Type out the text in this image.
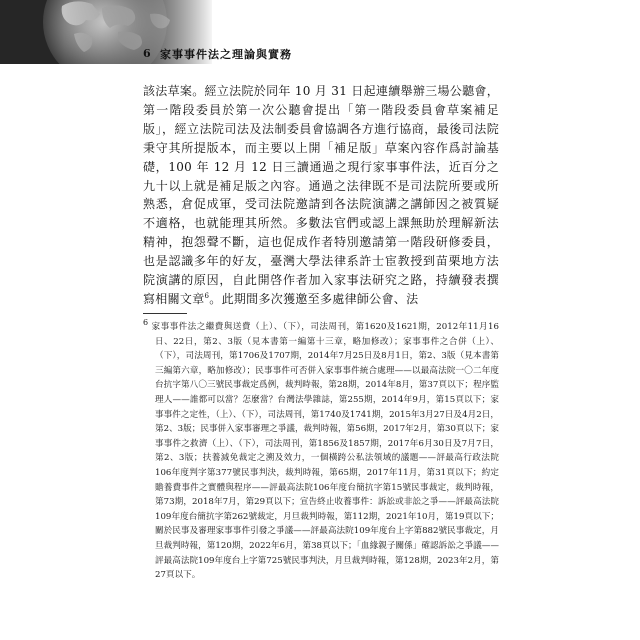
6 家事事件法之理論與實務

該法草案。經立法院於同年 10 月 31 日起連續舉辦三場公聽會，第一階段委員於第一次公聽會提出「第一階段委員會草案補足版」，經立法院司法及法制委員會協調各方進行協商，最後司法院秉守其所提版本，而主要以上開「補足版」草案內容作爲討論基礎，100 年 12 月 12 日三讀通過之現行家事事件法，近百分之九十以上就是補足版之內容。通過之法律既不是司法院所要或所熟悉，倉促成軍，受司法院邀請到各法院演講之講師因之被質疑不適格，也就能理其所然。多數法官們或認上課無助於理解新法精神，抱怨聲不斷，這也促成作者特別邀請第一階段研修委員，也是認識多年的好友，臺灣大學法律系許士宦教授到苗栗地方法院演講的原因，自此開啓作者加入家事法研究之路，持續發表撰寫相關文章$^6$。此期間多次獲邀至多處律師公會、法

6 家事事件法之繼費與送費（上）、（下），司法周刊，第1620及1621期，2012年11月16日、22日，第2、3版（見本書第一編第十三章，略加修改）；家事事件之合併（上）、（下），司法周刊，第1706及1707期，2014年7月25日及8月1日，第2、3版（見本書第三編第六章，略加修改）；民事事件可否併入家事事件統合處理——以最高法院一〇二年度台抗字第八〇三號民事裁定爲例，裁判時報，第28期，2014年8月，第37頁以下；程序監理人——誰都可以當？怎麼當？台灣法學雜誌，第255期，2014年9月，第15頁以下；家事事件之定性，（上）、（下），司法周刊，第1740及1741期，2015年3月27日及4月2日，第2、3版；民事併入家事審理之爭議，裁判時報，第56期，2017年2月，第30頁以下；家事事件之救濟（上）、（下），司法周刊，第1856及1857期，2017年6月30日及7月7日，第2、3版；扶養減免裁定之溯及效力，一個橫跨公私法領域的議題——評最高行政法院106年度判字第377號民事判決，裁判時報，第65期，2017年11月，第31頁以下；約定贍養費事件之實體與程序——評最高法院106年度台簡抗字第15號民事裁定，裁判時報，第73期，2018年7月，第29頁以下；宣告終止收養事件：訴訟或非訟之爭——評最高法院109年度台簡抗字第262號裁定，月旦裁判時報，第112期，2021年10月，第19頁以下；關於民事及審理家事事件引發之爭議——評最高法院109年度台上字第882號民事裁定，月旦裁判時報，第120期，2022年6月，第38頁以下；「血緣親子關係」確認訴訟之爭議——評最高法院109年度台上字第725號民事判決，月旦裁判時報，第128期，2023年2月，第27頁以下。
